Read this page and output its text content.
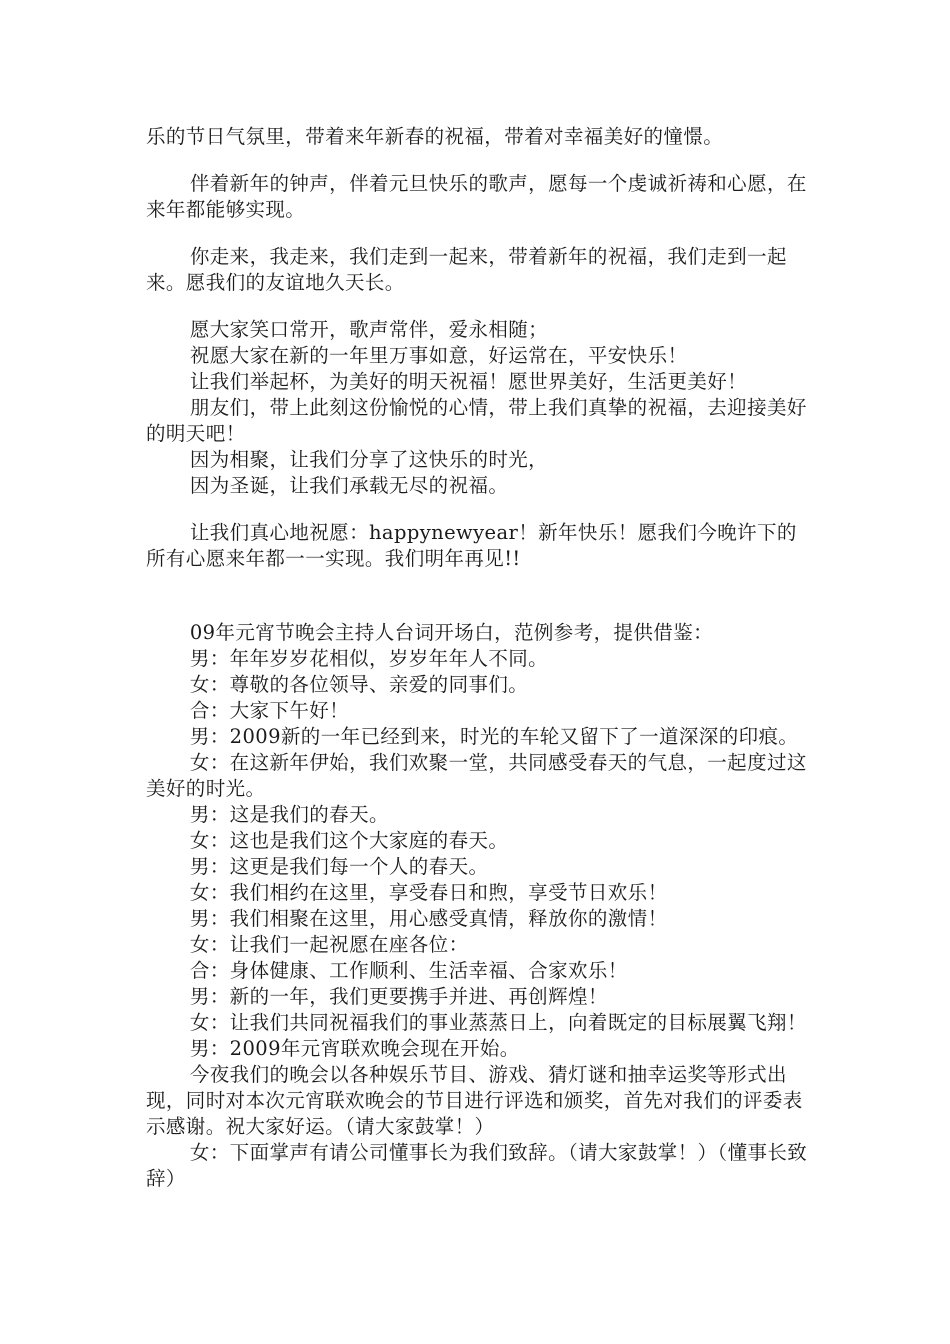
乐的节日气氛里，带着来年新春的祝福，带着对幸福美好的憧憬。
伴着新年的钟声，伴着元旦快乐的歌声，愿每一个虔诚祈祷和心愿，在来年都能够实现。
你走来，我走来，我们走到一起来，带着新年的祝福，我们走到一起来。愿我们的友谊地久天长。
愿大家笑口常开，歌声常伴，爱永相随；
祝愿大家在新的一年里万事如意，好运常在，平安快乐！
让我们举起杯，为美好的明天祝福！愿世界美好，生活更美好！
朋友们，带上此刻这份愉悦的心情，带上我们真挚的祝福，去迎接美好的明天吧！
因为相聚，让我们分享了这快乐的时光，
因为圣诞，让我们承载无尽的祝福。
让我们真心地祝愿：happynewyear！新年快乐！愿我们今晚许下的所有心愿来年都一一实现。我们明年再见!!
09年元宵节晚会主持人台词开场白，范例参考，提供借鉴：
男：年年岁岁花相似，岁岁年年人不同。
女：尊敬的各位领导、亲爱的同事们。
合：大家下午好！
男：2009新的一年已经到来，时光的车轮又留下了一道深深的印痕。
女：在这新年伊始，我们欢聚一堂，共同感受春天的气息，一起度过这美好的时光。
男：这是我们的春天。
女：这也是我们这个大家庭的春天。
男：这更是我们每一个人的春天。
女：我们相约在这里，享受春日和煦，享受节日欢乐！
男：我们相聚在这里，用心感受真情，释放你的激情！
女：让我们一起祝愿在座各位：
合：身体健康、工作顺利、生活幸福、合家欢乐！
男：新的一年，我们更要携手并进、再创辉煌！
女：让我们共同祝福我们的事业蒸蒸日上，向着既定的目标展翼飞翔！
男：2009年元宵联欢晚会现在开始。
今夜我们的晚会以各种娱乐节目、游戏、猜灯谜和抽幸运奖等形式出现，同时对本次元宵联欢晚会的节目进行评选和颁奖，首先对我们的评委表示感谢。祝大家好运。（请大家鼓掌！）
女：下面掌声有请公司懂事长为我们致辞。（请大家鼓掌！）（懂事长致辞）
